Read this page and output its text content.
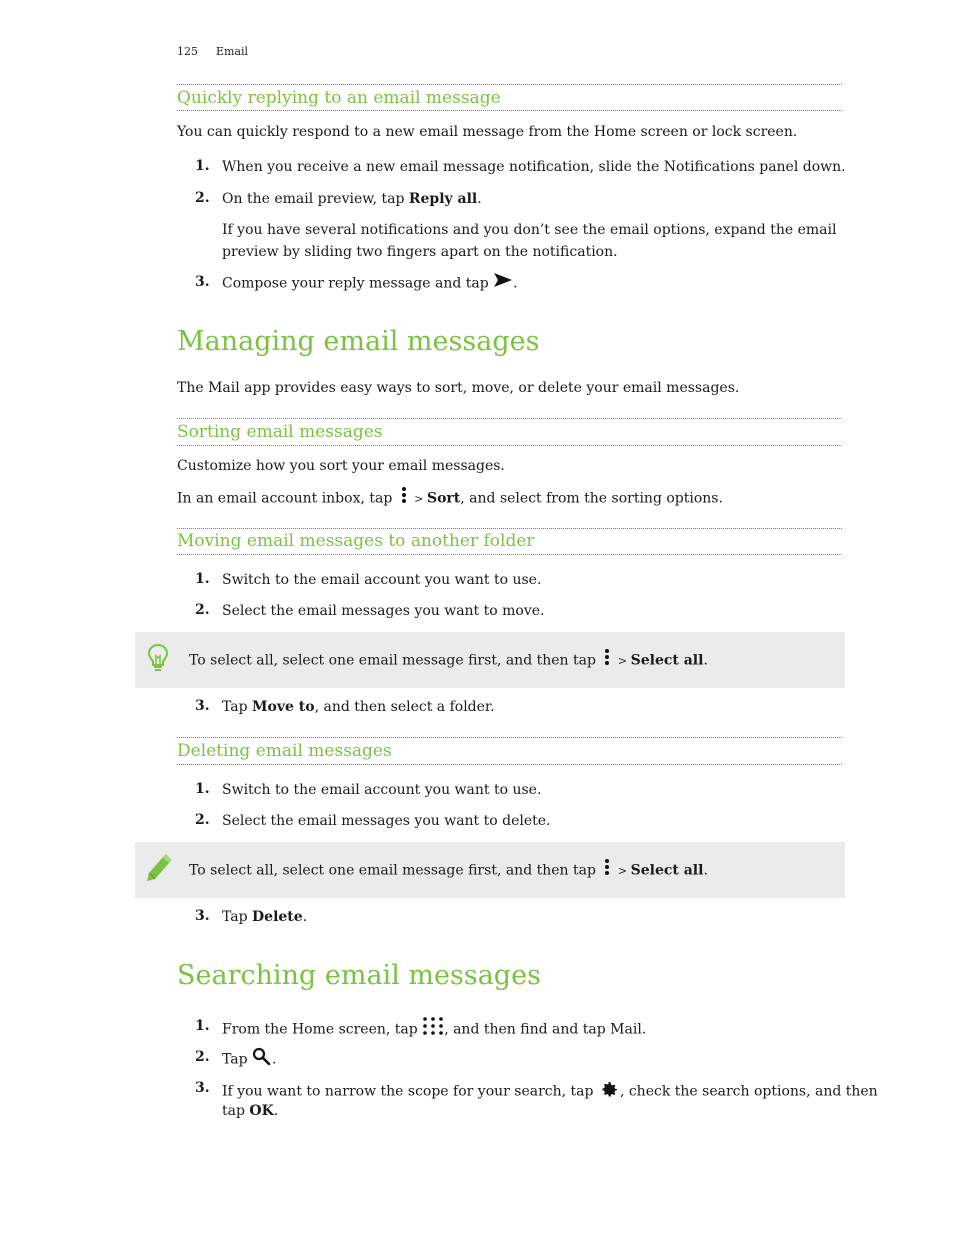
125 Email
Quickly replying to an email message
You can quickly respond to a new email message from the Home screen or lock screen.
1. When you receive a new email message notification, slide the Notifications panel down.
2. On the email preview, tap Reply all.
If you have several notifications and you don’t see the email options, expand the email
preview by sliding two fingers apart on the notification.
3. Compose your reply message and tap .
Managing email messages
The Mail app provides easy ways to sort, move, or delete your email messages.
Sorting email messages
Customize how you sort your email messages.
In an email account inbox, tap  > Sort, and select from the sorting options.
Moving email messages to another folder
1. Switch to the email account you want to use.
2. Select the email messages you want to move.
To select all, select one email message first, and then tap  > Select all.
3. Tap Move to, and then select a folder.
Deleting email messages
1. Switch to the email account you want to use.
2. Select the email messages you want to delete.
To select all, select one email message first, and then tap  > Select all.
3. Tap Delete.
Searching email messages
1. From the Home screen, tap , and then find and tap Mail.
2. Tap .
3. If you want to narrow the scope for your search, tap , check the search options, and then
tap OK.
